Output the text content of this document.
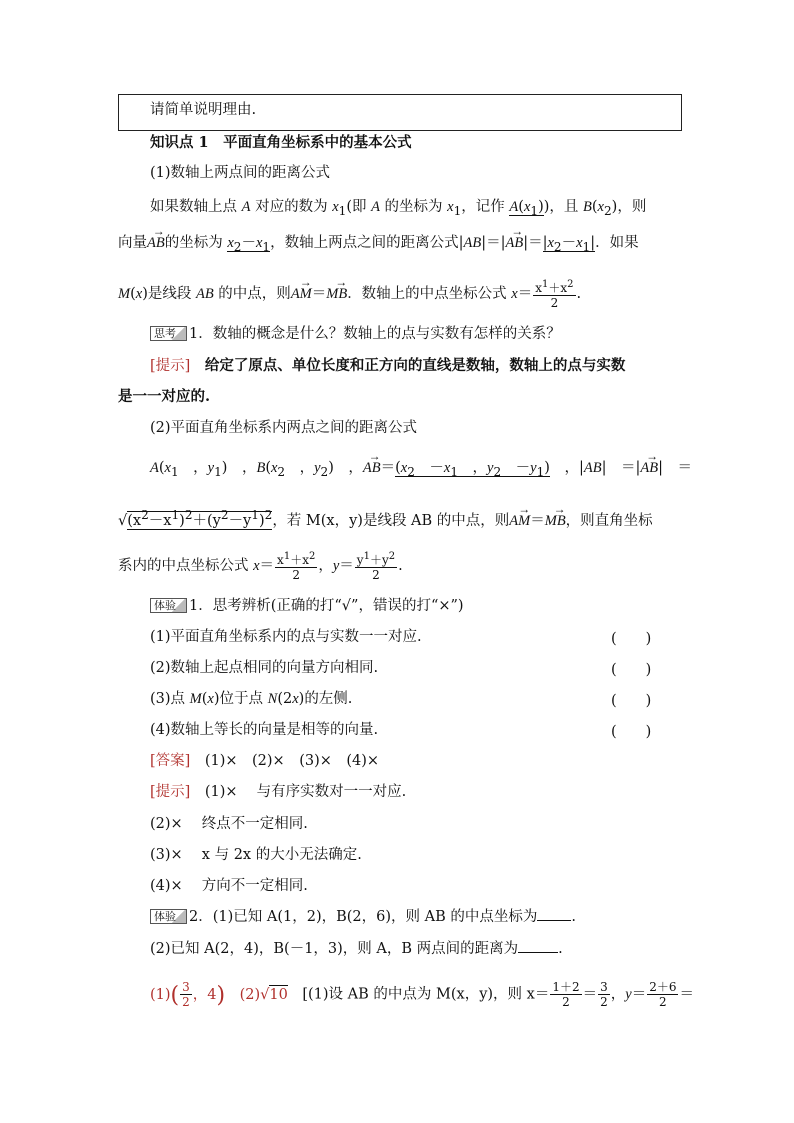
请简单说明理由.
知识点 1　平面直角坐标系中的基本公式
(1)数轴上两点间的距离公式
如果数轴上点 A 对应的数为 $x_1$(即 A 的坐标为 $x_1$，记作 $A(x_1)$)，且 $B(x_2)$，则
向量→ AB的坐标为 $x_2-x_1$，数轴上两点之间的距离公式$|AB|=|\to AB|=|x_2-x_1|$．如果
M(x)是线段 AB 的中点，则→ AM＝→ MB．数轴上的中点坐标公式 $x= \frac{x^1+x^2}{2}$ .
思考 1．数轴的概念是什么？数轴上的点与实数有怎样的关系？
[提示]　 给定了原点、单位长度和正方向的直线是数轴，数轴上的点与实数
是一一对应的.
(2)平面直角坐标系内两点之间的距离公式
$A(x_1$　，$y_1$)　，$B(x_2$　，$y_2$)　，→ $AB=(x_2$　$-x_1$　，$y_2$　$-y_1$)　，|AB|　＝|→ AB|　＝
$√(x^2-x^1)^2+(y^2-y^1)^2$，若 M(x，y)是线段 AB 的中点，则→ AM＝→ MB，则直角坐标
系内的中点坐标公式 $x= \frac{x^1+x^2}{2}$ ，$y= \frac{y^1+y^2}{2}$ .
体验 1．思考辨析(正确的打“√”，错误的打“×”)
(1)平面直角坐标系内的点与实数一一对应.	(　　)
(2)数轴上起点相同的向量方向相同.	(　　)
(3)点 M(x)位于点 N(2x)的左侧.	(　　)
(4)数轴上等长的向量是相等的向量.	(　　)
[答案]　 (1)×　(2)×　(3)×　(4)×
[提示]　 (1)×　 与有序实数对一一对应.
(2)×　 终点不一定相同.
(3)×　 x 与 2x 的大小无法确定.
(4)×　 方向不一定相同.
体验 2．(1)已知 A(1，2)，B(2，6)，则 AB 的中点坐标为 .
(2)已知 A(2，4)，B(－1，3)，则 A，B 两点间的距离为	.
$(1)( \frac{3}{2}$ ，4)　 (2)√10　 [(1)设 AB 的中点为 M(x，y)，则 $x= \frac{1+2}{2} = \frac{3}{2}$ ，$y= \frac{2+6}{2}$ ＝
